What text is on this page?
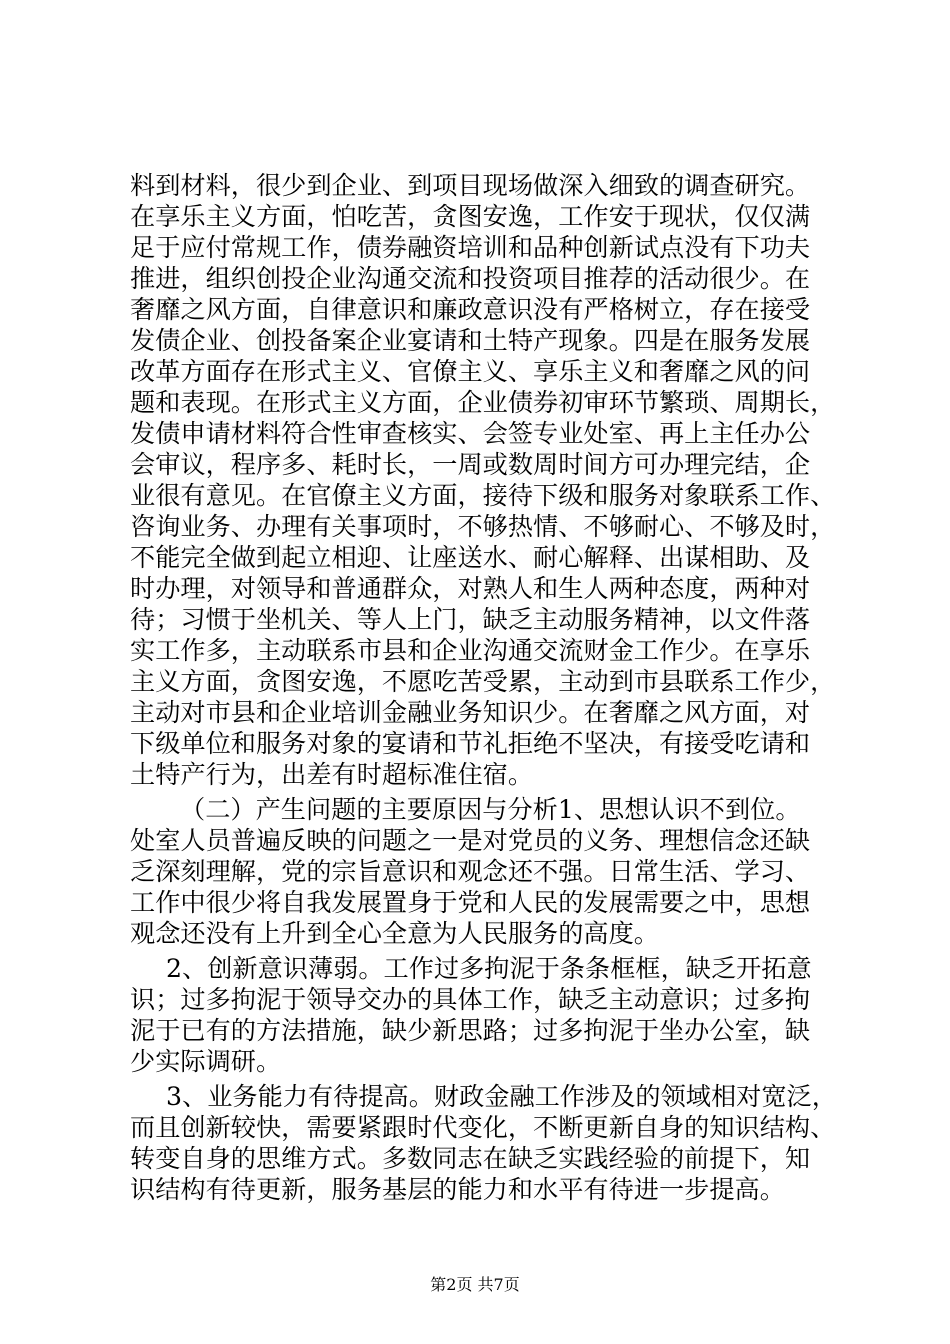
料到材料，很少到企业、到项目现场做深入细致的调查研究。
在享乐主义方面，怕吃苦，贪图安逸，工作安于现状，仅仅满
足于应付常规工作，债券融资培训和品种创新试点没有下功夫
推进，组织创投企业沟通交流和投资项目推荐的活动很少。在
奢靡之风方面，自律意识和廉政意识没有严格树立，存在接受
发债企业、创投备案企业宴请和土特产现象。四是在服务发展
改革方面存在形式主义、官僚主义、享乐主义和奢靡之风的问
题和表现。在形式主义方面，企业债券初审环节繁琐、周期长，
发债申请材料符合性审查核实、会签专业处室、再上主任办公
会审议，程序多、耗时长，一周或数周时间方可办理完结，企
业很有意见。在官僚主义方面，接待下级和服务对象联系工作、
咨询业务、办理有关事项时，不够热情、不够耐心、不够及时，
不能完全做到起立相迎、让座送水、耐心解释、出谋相助、及
时办理，对领导和普通群众，对熟人和生人两种态度，两种对
待；习惯于坐机关、等人上门，缺乏主动服务精神，以文件落
实工作多，主动联系市县和企业沟通交流财金工作少。在享乐
主义方面，贪图安逸，不愿吃苦受累，主动到市县联系工作少，
主动对市县和企业培训金融业务知识少。在奢靡之风方面，对
下级单位和服务对象的宴请和节礼拒绝不坚决，有接受吃请和
土特产行为，出差有时超标准住宿。
（二）产生问题的主要原因与分析1、思想认识不到位。
处室人员普遍反映的问题之一是对党员的义务、理想信念还缺
乏深刻理解，党的宗旨意识和观念还不强。日常生活、学习、
工作中很少将自我发展置身于党和人民的发展需要之中，思想
观念还没有上升到全心全意为人民服务的高度。
2、创新意识薄弱。工作过多拘泥于条条框框，缺乏开拓意
识；过多拘泥于领导交办的具体工作，缺乏主动意识；过多拘
泥于已有的方法措施，缺少新思路；过多拘泥于坐办公室，缺
少实际调研。
3、业务能力有待提高。财政金融工作涉及的领域相对宽泛，
而且创新较快，需要紧跟时代变化，不断更新自身的知识结构、
转变自身的思维方式。多数同志在缺乏实践经验的前提下，知
识结构有待更新，服务基层的能力和水平有待进一步提高。
第2页 共7页
